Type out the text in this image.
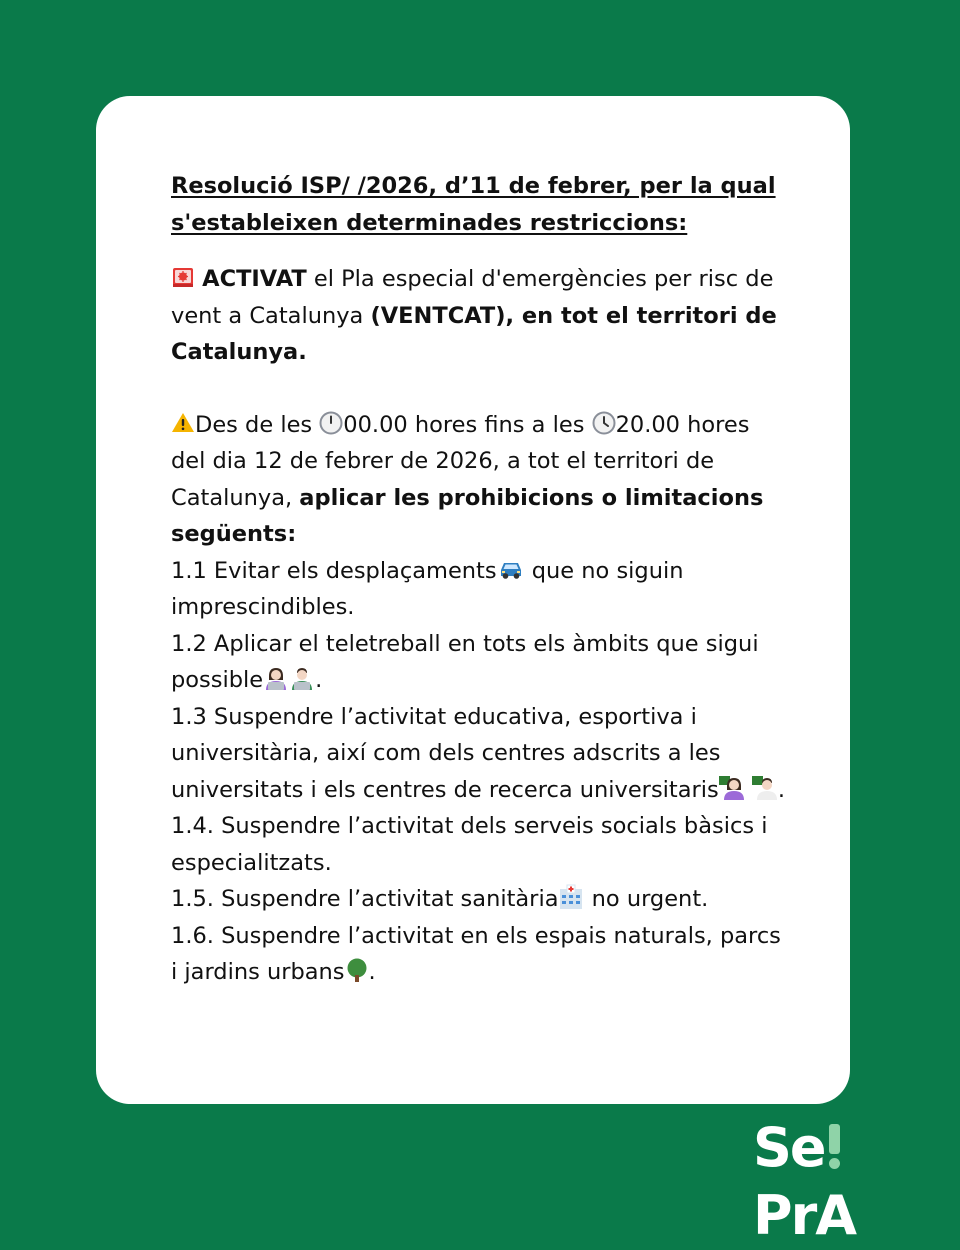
Resolució ISP/ /2026, d’11 de febrer, per la qual s'estableixen determinades restriccions:

ACTIVAT el Pla especial d'emergències per risc de vent a Catalunya (VENTCAT), en tot el territori de Catalunya.

Des de les 00.00 hores fins a les 20.00 hores del dia 12 de febrer de 2026, a tot el territori de Catalunya, aplicar les prohibicions o limitacions següents:

1.1 Evitar els desplaçaments que no siguin imprescindibles.

1.2 Aplicar el teletreball en tots els àmbits que sigui possible .

1.3 Suspendre l’activitat educativa, esportiva i universitària, així com dels centres adscrits a les universitats i els centres de recerca universitaris	.

1.4. Suspendre l’activitat dels serveis socials bàsics i especialitzats.

1.5. Suspendre l’activitat sanitària no urgent.

1.6. Suspendre l’activitat en els espais naturals, parcs i jardins urbans .

SePrA
